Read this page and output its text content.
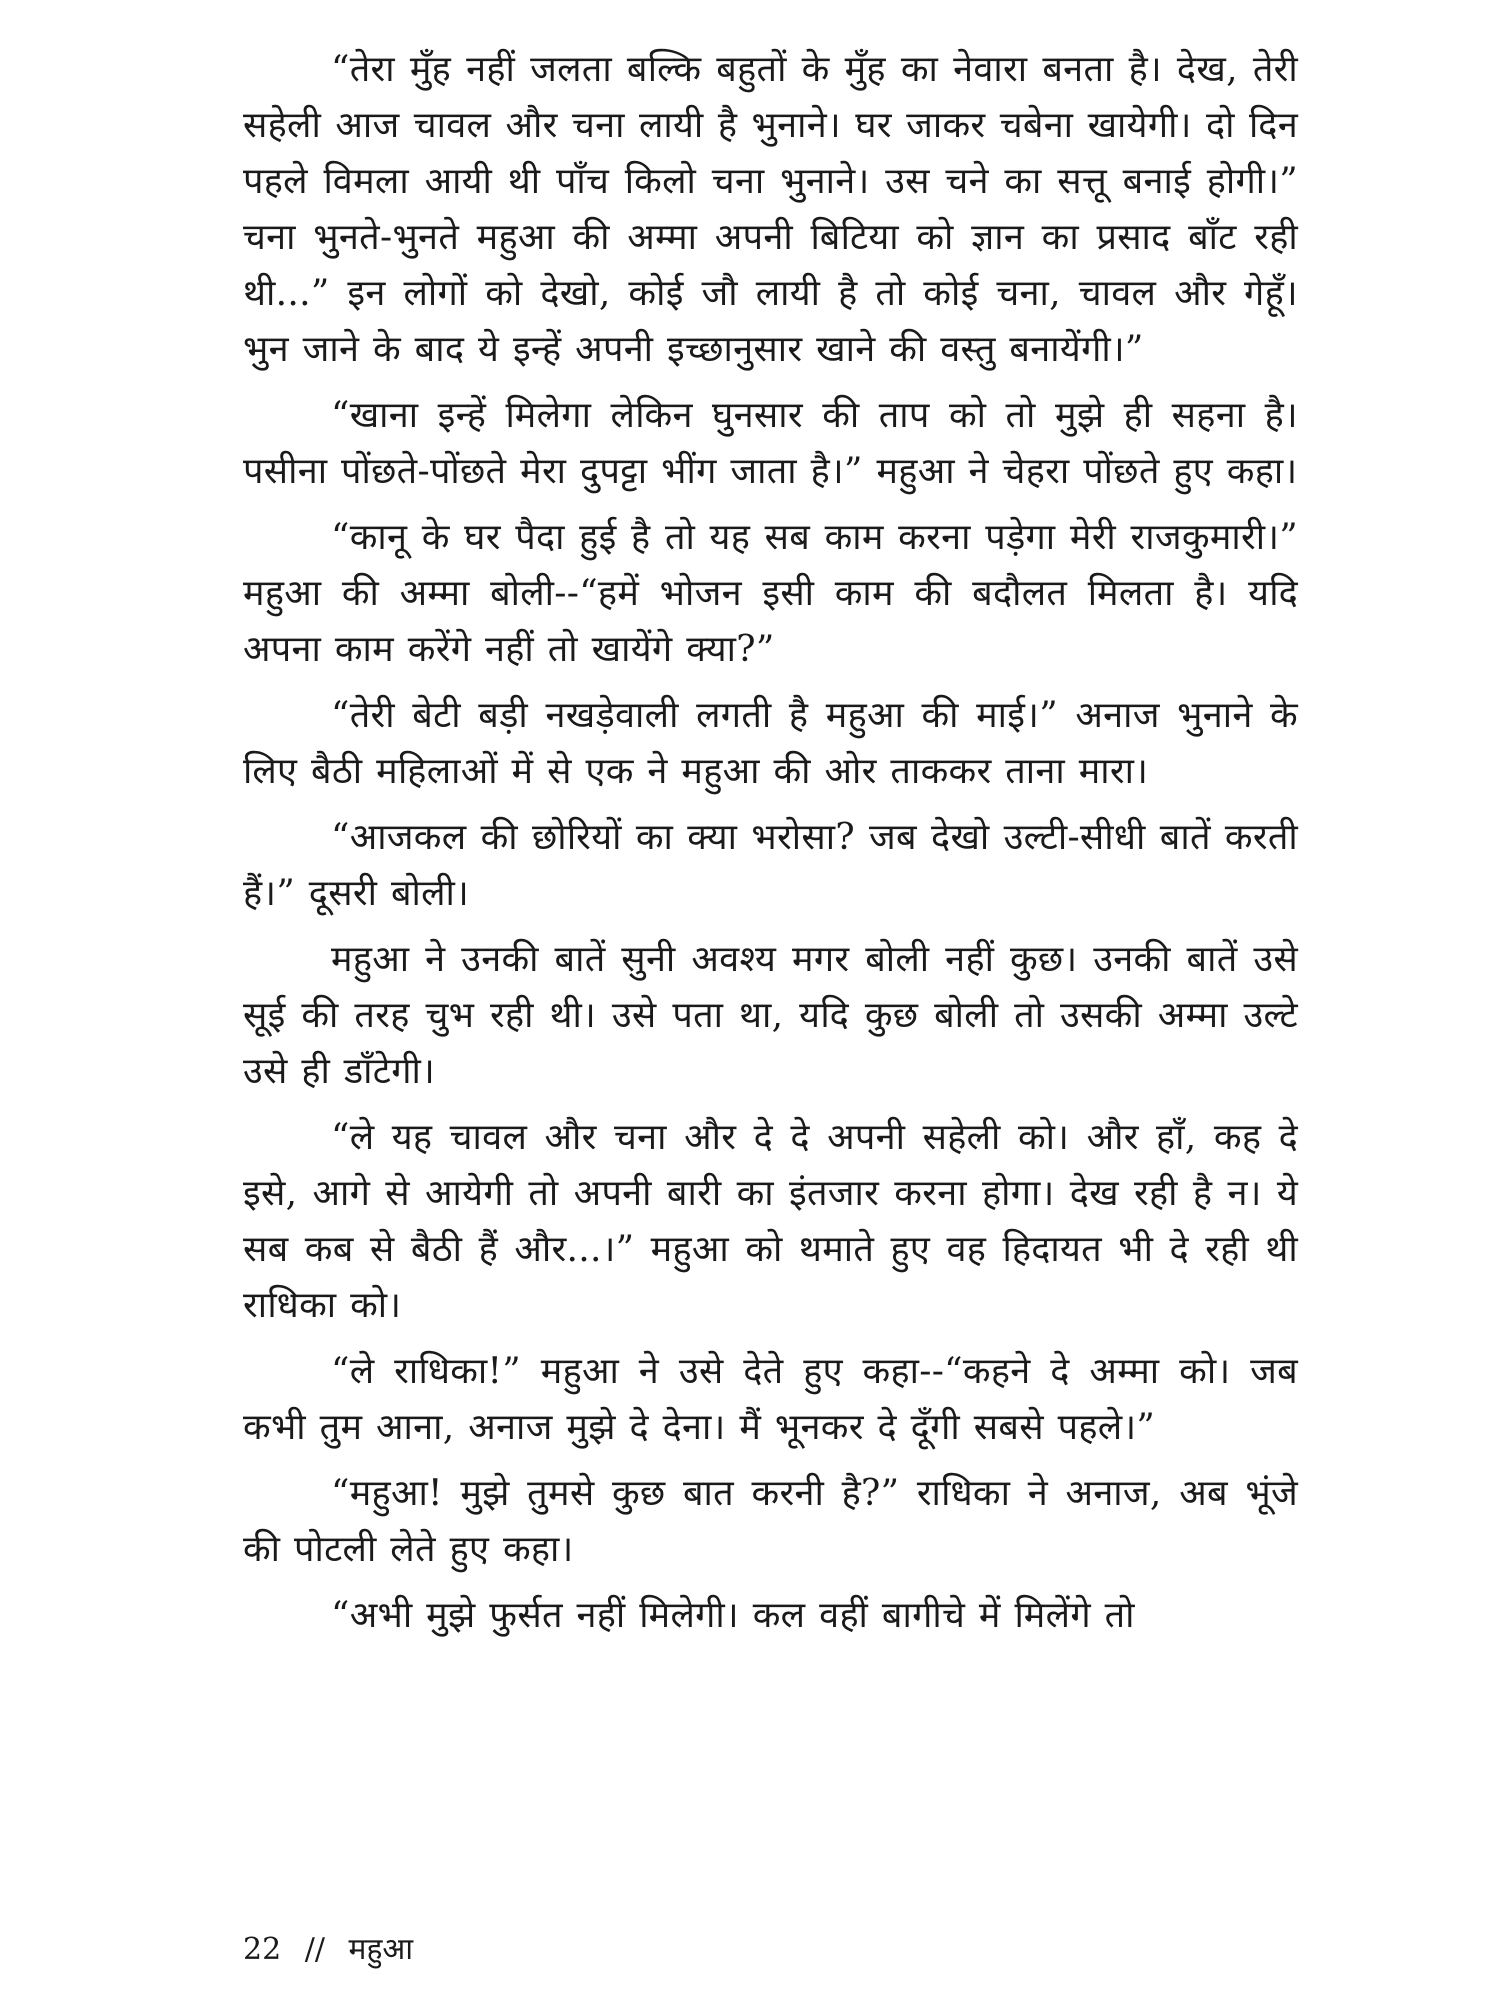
“तेरा मुँह नहीं जलता बल्कि बहुतों के मुँह का नेवारा बनता है। देख, तेरी सहेली आज चावल और चना लायी है भुनाने। घर जाकर चबेना खायेगी। दो दिन पहले विमला आयी थी पाँच किलो चना भुनाने। उस चने का सत्तू बनाई होगी।” चना भुनते-भुनते महुआ की अम्मा अपनी बिटिया को ज्ञान का प्रसाद बाँट रही थी...” इन लोगों को देखो, कोई जौ लायी है तो कोई चना, चावल और गेहूँ। भुन जाने के बाद ये इन्हें अपनी इच्छानुसार खाने की वस्तु बनायेंगी।”

“खाना इन्हें मिलेगा लेकिन घुनसार की ताप को तो मुझे ही सहना है। पसीना पोंछते-पोंछते मेरा दुपट्टा भींग जाता है।” महुआ ने चेहरा पोंछते हुए कहा।

“कानू के घर पैदा हुई है तो यह सब काम करना पड़ेगा मेरी राजकुमारी।” महुआ की अम्मा बोली--“हमें भोजन इसी काम की बदौलत मिलता है। यदि अपना काम करेंगे नहीं तो खायेंगे क्या?”

“तेरी बेटी बड़ी नखड़ेवाली लगती है महुआ की माई।” अनाज भुनाने के लिए बैठी महिलाओं में से एक ने महुआ की ओर ताककर ताना मारा।

“आजकल की छोरियों का क्या भरोसा? जब देखो उल्टी-सीधी बातें करती हैं।” दूसरी बोली।

महुआ ने उनकी बातें सुनी अवश्य मगर बोली नहीं कुछ। उनकी बातें उसे सूई की तरह चुभ रही थी। उसे पता था, यदि कुछ बोली तो उसकी अम्मा उल्टे उसे ही डाँटेगी।

“ले यह चावल और चना और दे दे अपनी सहेली को। और हाँ, कह दे इसे, आगे से आयेगी तो अपनी बारी का इंतजार करना होगा। देख रही है न। ये सब कब से बैठी हैं और...।” महुआ को थमाते हुए वह हिदायत भी दे रही थी राधिका को।

“ले राधिका!” महुआ ने उसे देते हुए कहा--“कहने दे अम्मा को। जब कभी तुम आना, अनाज मुझे दे देना। मैं भूनकर दे दूँगी सबसे पहले।”

“महुआ! मुझे तुमसे कुछ बात करनी है?” राधिका ने अनाज, अब भूंजे की पोटली लेते हुए कहा।

“अभी मुझे फुर्सत नहीं मिलेगी। कल वहीं बागीचे में मिलेंगे तो

22 // महुआ
